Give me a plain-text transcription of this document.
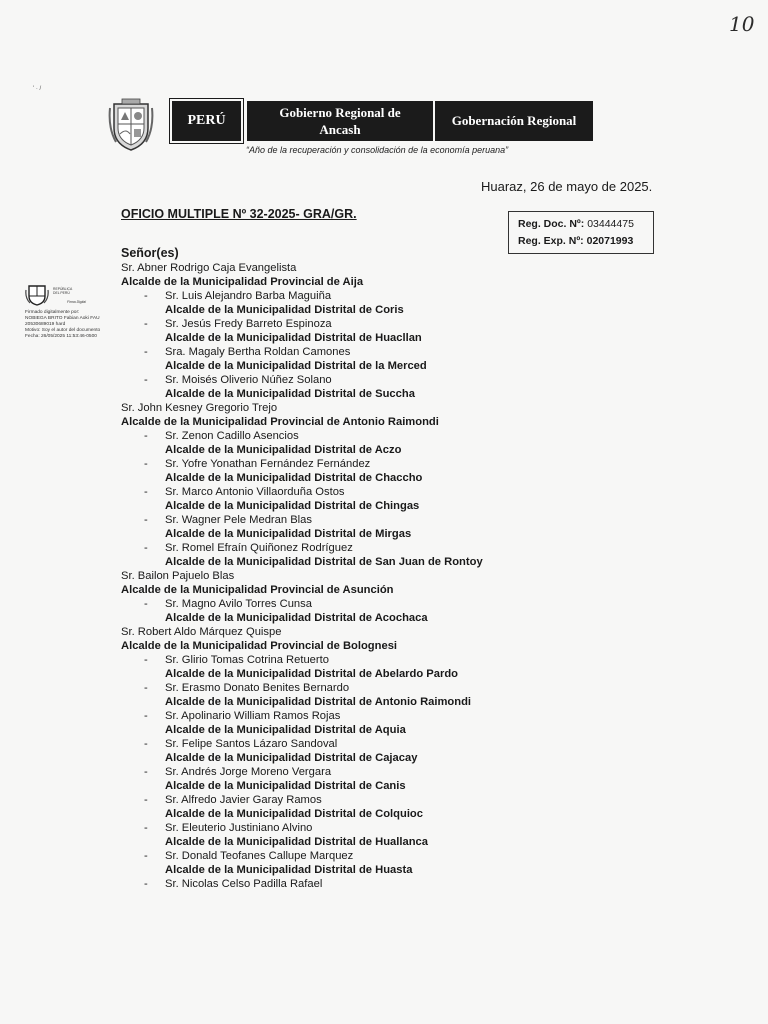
10
' · /
PERÚ
Gobierno Regional de
Ancash
Gobernación Regional
“Año de la recuperación y consolidación de la economía peruana”
Huaraz, 26 de mayo de 2025.
OFICIO MULTIPLE Nº 32-2025- GRA/GR.
Reg. Doc. Nº: 03444475
Reg. Exp. Nº: 02071993
REPÚBLICA
DEL PERÚ
Firma Digital
Firmado digitalmente por:
NOBIEGA BRITO Fabian Aoki FAU
20530689019 hard
Motivo: Soy el autor del documento
Fecha: 26/05/2025 11:53:46-0500
Señor(es)
Sr. Abner Rodrigo Caja Evangelista
Alcalde de la Municipalidad Provincial de Aija
- Sr. Luis Alejandro Barba Maguiña
Alcalde de la Municipalidad Distrital de Coris
- Sr. Jesús Fredy Barreto Espinoza
Alcalde de la Municipalidad Distrital de Huacllan
- Sra. Magaly Bertha Roldan Camones
Alcalde de la Municipalidad Distrital de la Merced
- Sr. Moisés Oliverio Núñez Solano
Alcalde de la Municipalidad Distrital de Succha
Sr. John Kesney Gregorio Trejo
Alcalde de la Municipalidad Provincial de Antonio Raimondi
- Sr. Zenon Cadillo Asencios
Alcalde de la Municipalidad Distrital de Aczo
- Sr. Yofre Yonathan Fernández Fernández
Alcalde de la Municipalidad Distrital de Chaccho
- Sr. Marco Antonio Villaorduña Ostos
Alcalde de la Municipalidad Distrital de Chingas
- Sr. Wagner Pele Medran Blas
Alcalde de la Municipalidad Distrital de Mirgas
- Sr. Romel Efraín Quiñonez Rodríguez
Alcalde de la Municipalidad Distrital de San Juan de Rontoy
Sr. Bailon Pajuelo Blas
Alcalde de la Municipalidad Provincial de Asunción
- Sr. Magno Avilo Torres Cunsa
Alcalde de la Municipalidad Distrital de Acochaca
Sr. Robert Aldo Márquez Quispe
Alcalde de la Municipalidad Provincial de Bolognesi
- Sr. Glirio Tomas Cotrina Retuerto
Alcalde de la Municipalidad Distrital de Abelardo Pardo
- Sr. Erasmo Donato Benites Bernardo
Alcalde de la Municipalidad Distrital de Antonio Raimondi
- Sr. Apolinario William Ramos Rojas
Alcalde de la Municipalidad Distrital de Aquia
- Sr. Felipe Santos Lázaro Sandoval
Alcalde de la Municipalidad Distrital de Cajacay
- Sr. Andrés Jorge Moreno Vergara
Alcalde de la Municipalidad Distrital de Canis
- Sr. Alfredo Javier Garay Ramos
Alcalde de la Municipalidad Distrital de Colquioc
- Sr. Eleuterio Justiniano Alvino
Alcalde de la Municipalidad Distrital de Huallanca
- Sr. Donald Teofanes Callupe Marquez
Alcalde de la Municipalidad Distrital de Huasta
- Sr. Nicolas Celso Padilla Rafael
